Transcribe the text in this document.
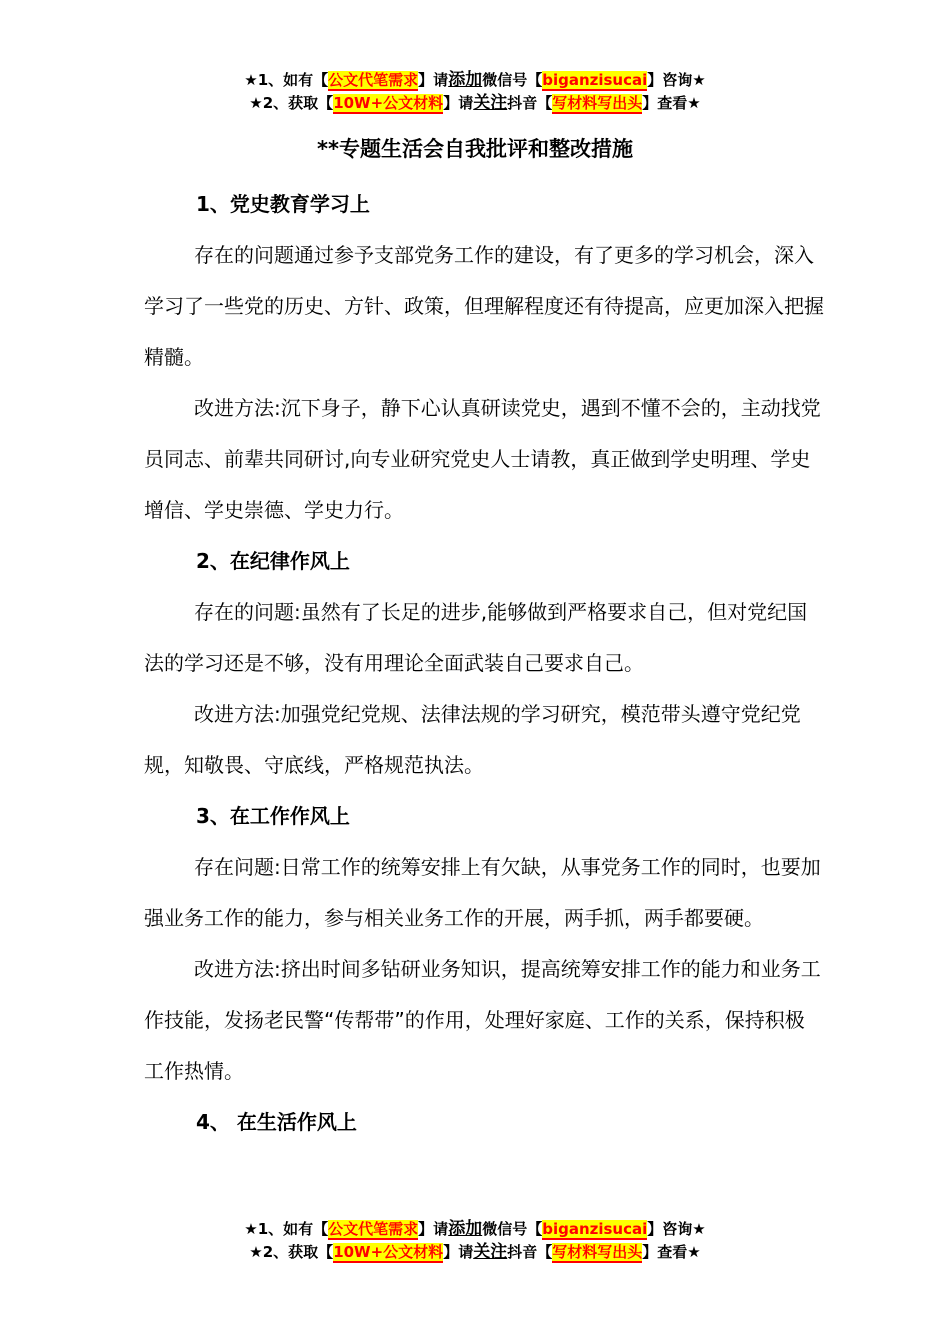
★1、如有【公文代笔需求】请添加微信号【biganzisucai】咨询★
★2、获取【10W+公文材料】请关注抖音【写材料写出头】查看★
**专题生活会自我批评和整改措施

1、党史教育学习上

存在的问题通过参予支部党务工作的建设，有了更多的学习机会，深入学习了一些党的历史、方针、政策，但理解程度还有待提高，应更加深入把握精髓。

改进方法:沉下身子，静下心认真研读党史，遇到不懂不会的，主动找党员同志、前辈共同研讨,向专业研究党史人士请教，真正做到学史明理、学史增信、学史崇德、学史力行。

2、在纪律作风上

存在的问题:虽然有了长足的进步,能够做到严格要求自己，但对党纪国法的学习还是不够，没有用理论全面武装自己要求自己。

改进方法:加强党纪党规、法律法规的学习研究，模范带头遵守党纪党规，知敬畏、守底线，严格规范执法。

3、在工作作风上

存在问题:日常工作的统筹安排上有欠缺，从事党务工作的同时，也要加强业务工作的能力，参与相关业务工作的开展，两手抓，两手都要硬。

改进方法:挤出时间多钻研业务知识，提高统筹安排工作的能力和业务工作技能，发扬老民警“传帮带”的作用，处理好家庭、工作的关系，保持积极工作热情。

4、 在生活作风上

★1、如有【公文代笔需求】请添加微信号【biganzisucai】咨询★
★2、获取【10W+公文材料】请关注抖音【写材料写出头】查看★
